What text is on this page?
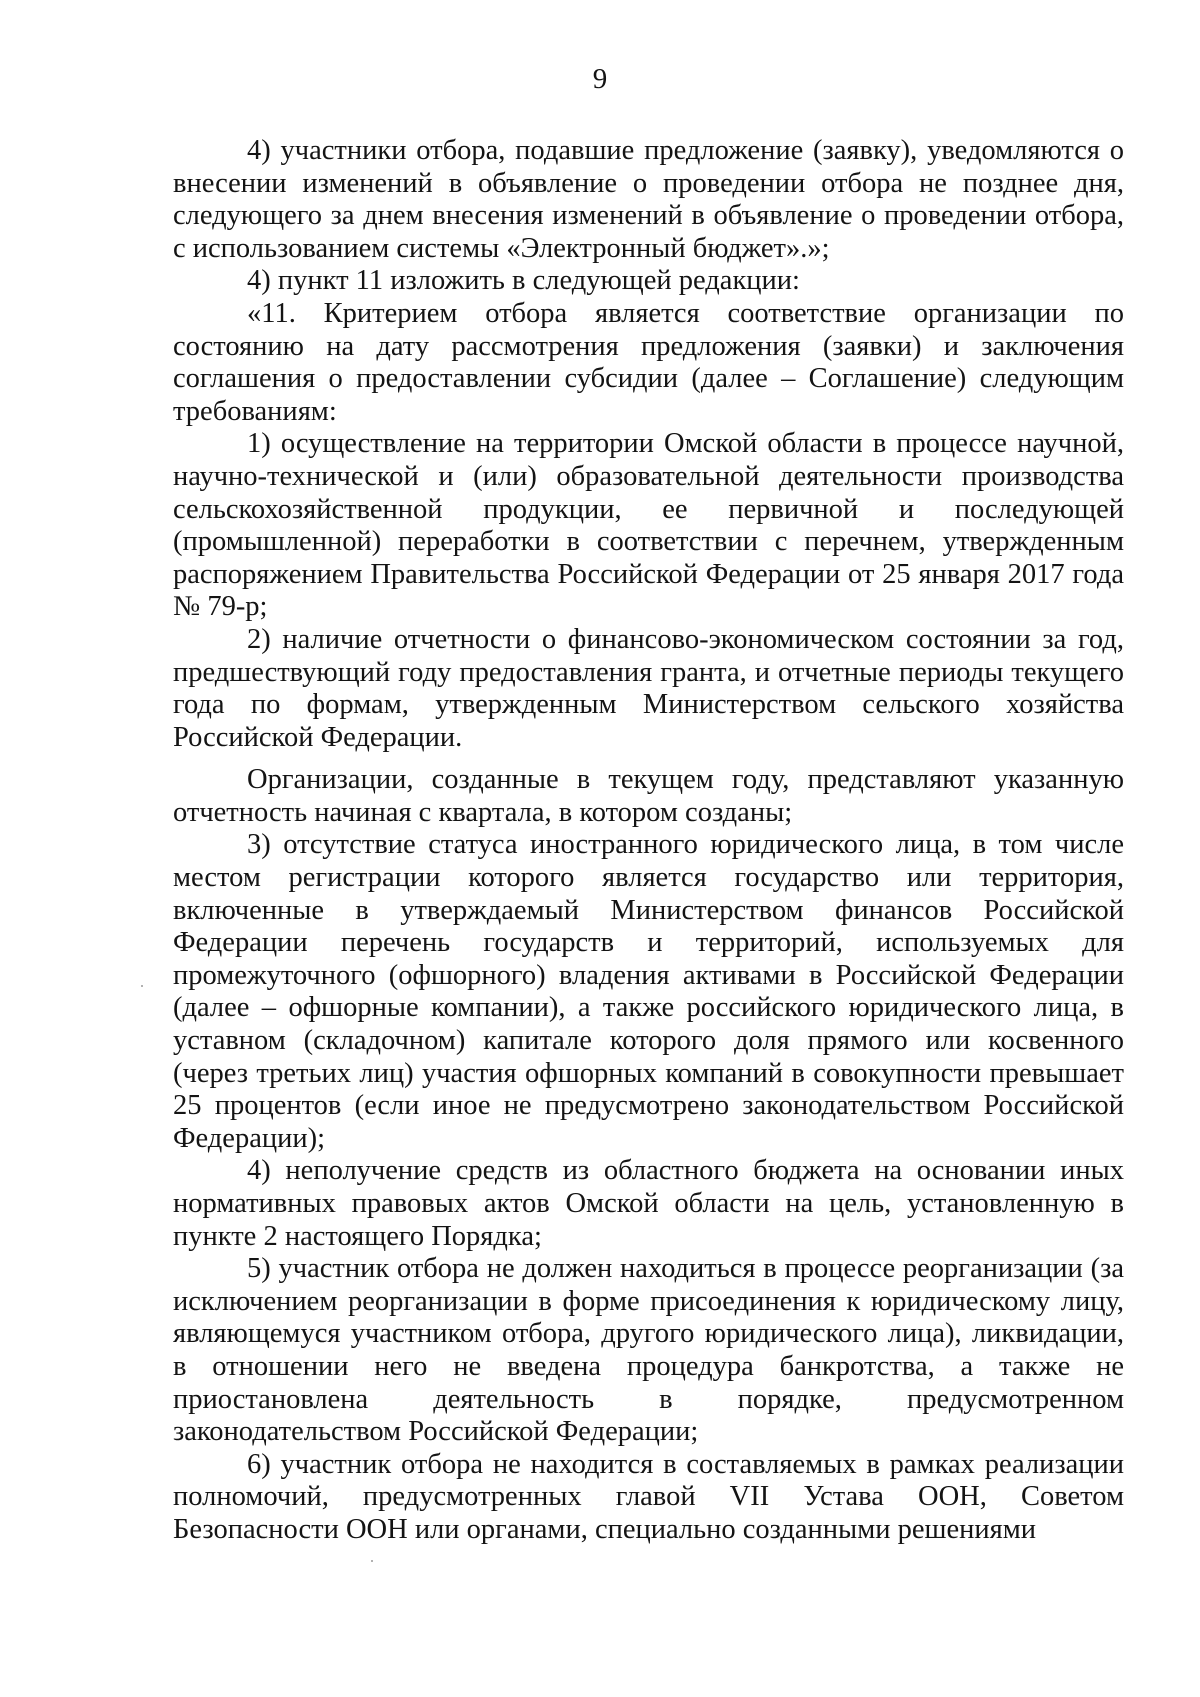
9

4) участники отбора, подавшие предложение (заявку), уведомляются о внесении изменений в объявление о проведении отбора не позднее дня, следующего за днем внесения изменений в объявление о проведении отбора, с использованием системы «Электронный бюджет».»;

4) пункт 11 изложить в следующей редакции:

«11. Критерием отбора является соответствие организации по состоянию на дату рассмотрения предложения (заявки) и заключения соглашения о предоставлении субсидии (далее – Соглашение) следующим требованиям:

1) осуществление на территории Омской области в процессе научной, научно-технической и (или) образовательной деятельности производства сельскохозяйственной продукции, ее первичной и последующей (промышленной) переработки в соответствии с перечнем, утвержденным распоряжением Правительства Российской Федерации от 25 января 2017 года № 79-р;

2) наличие отчетности о финансово-экономическом состоянии за год, предшествующий году предоставления гранта, и отчетные периоды текущего года по формам, утвержденным Министерством сельского хозяйства Российской Федерации.

Организации, созданные в текущем году, представляют указанную отчетность начиная с квартала, в котором созданы;

3) отсутствие статуса иностранного юридического лица, в том числе местом регистрации которого является государство или территория, включенные в утверждаемый Министерством финансов Российской Федерации перечень государств и территорий, используемых для промежуточного (офшорного) владения активами в Российской Федерации (далее – офшорные компании), а также российского юридического лица, в уставном (складочном) капитале которого доля прямого или косвенного (через третьих лиц) участия офшорных компаний в совокупности превышает 25 процентов (если иное не предусмотрено законодательством Российской Федерации);

4) неполучение средств из областного бюджета на основании иных нормативных правовых актов Омской области на цель, установленную в пункте 2 настоящего Порядка;

5) участник отбора не должен находиться в процессе реорганизации (за исключением реорганизации в форме присоединения к юридическому лицу, являющемуся участником отбора, другого юридического лица), ликвидации, в отношении него не введена процедура банкротства, а также не приостановлена деятельность в порядке, предусмотренном законодательством Российской Федерации;

6) участник отбора не находится в составляемых в рамках реализации полномочий, предусмотренных главой VII Устава ООН, Советом Безопасности ООН или органами, специально созданными решениями
